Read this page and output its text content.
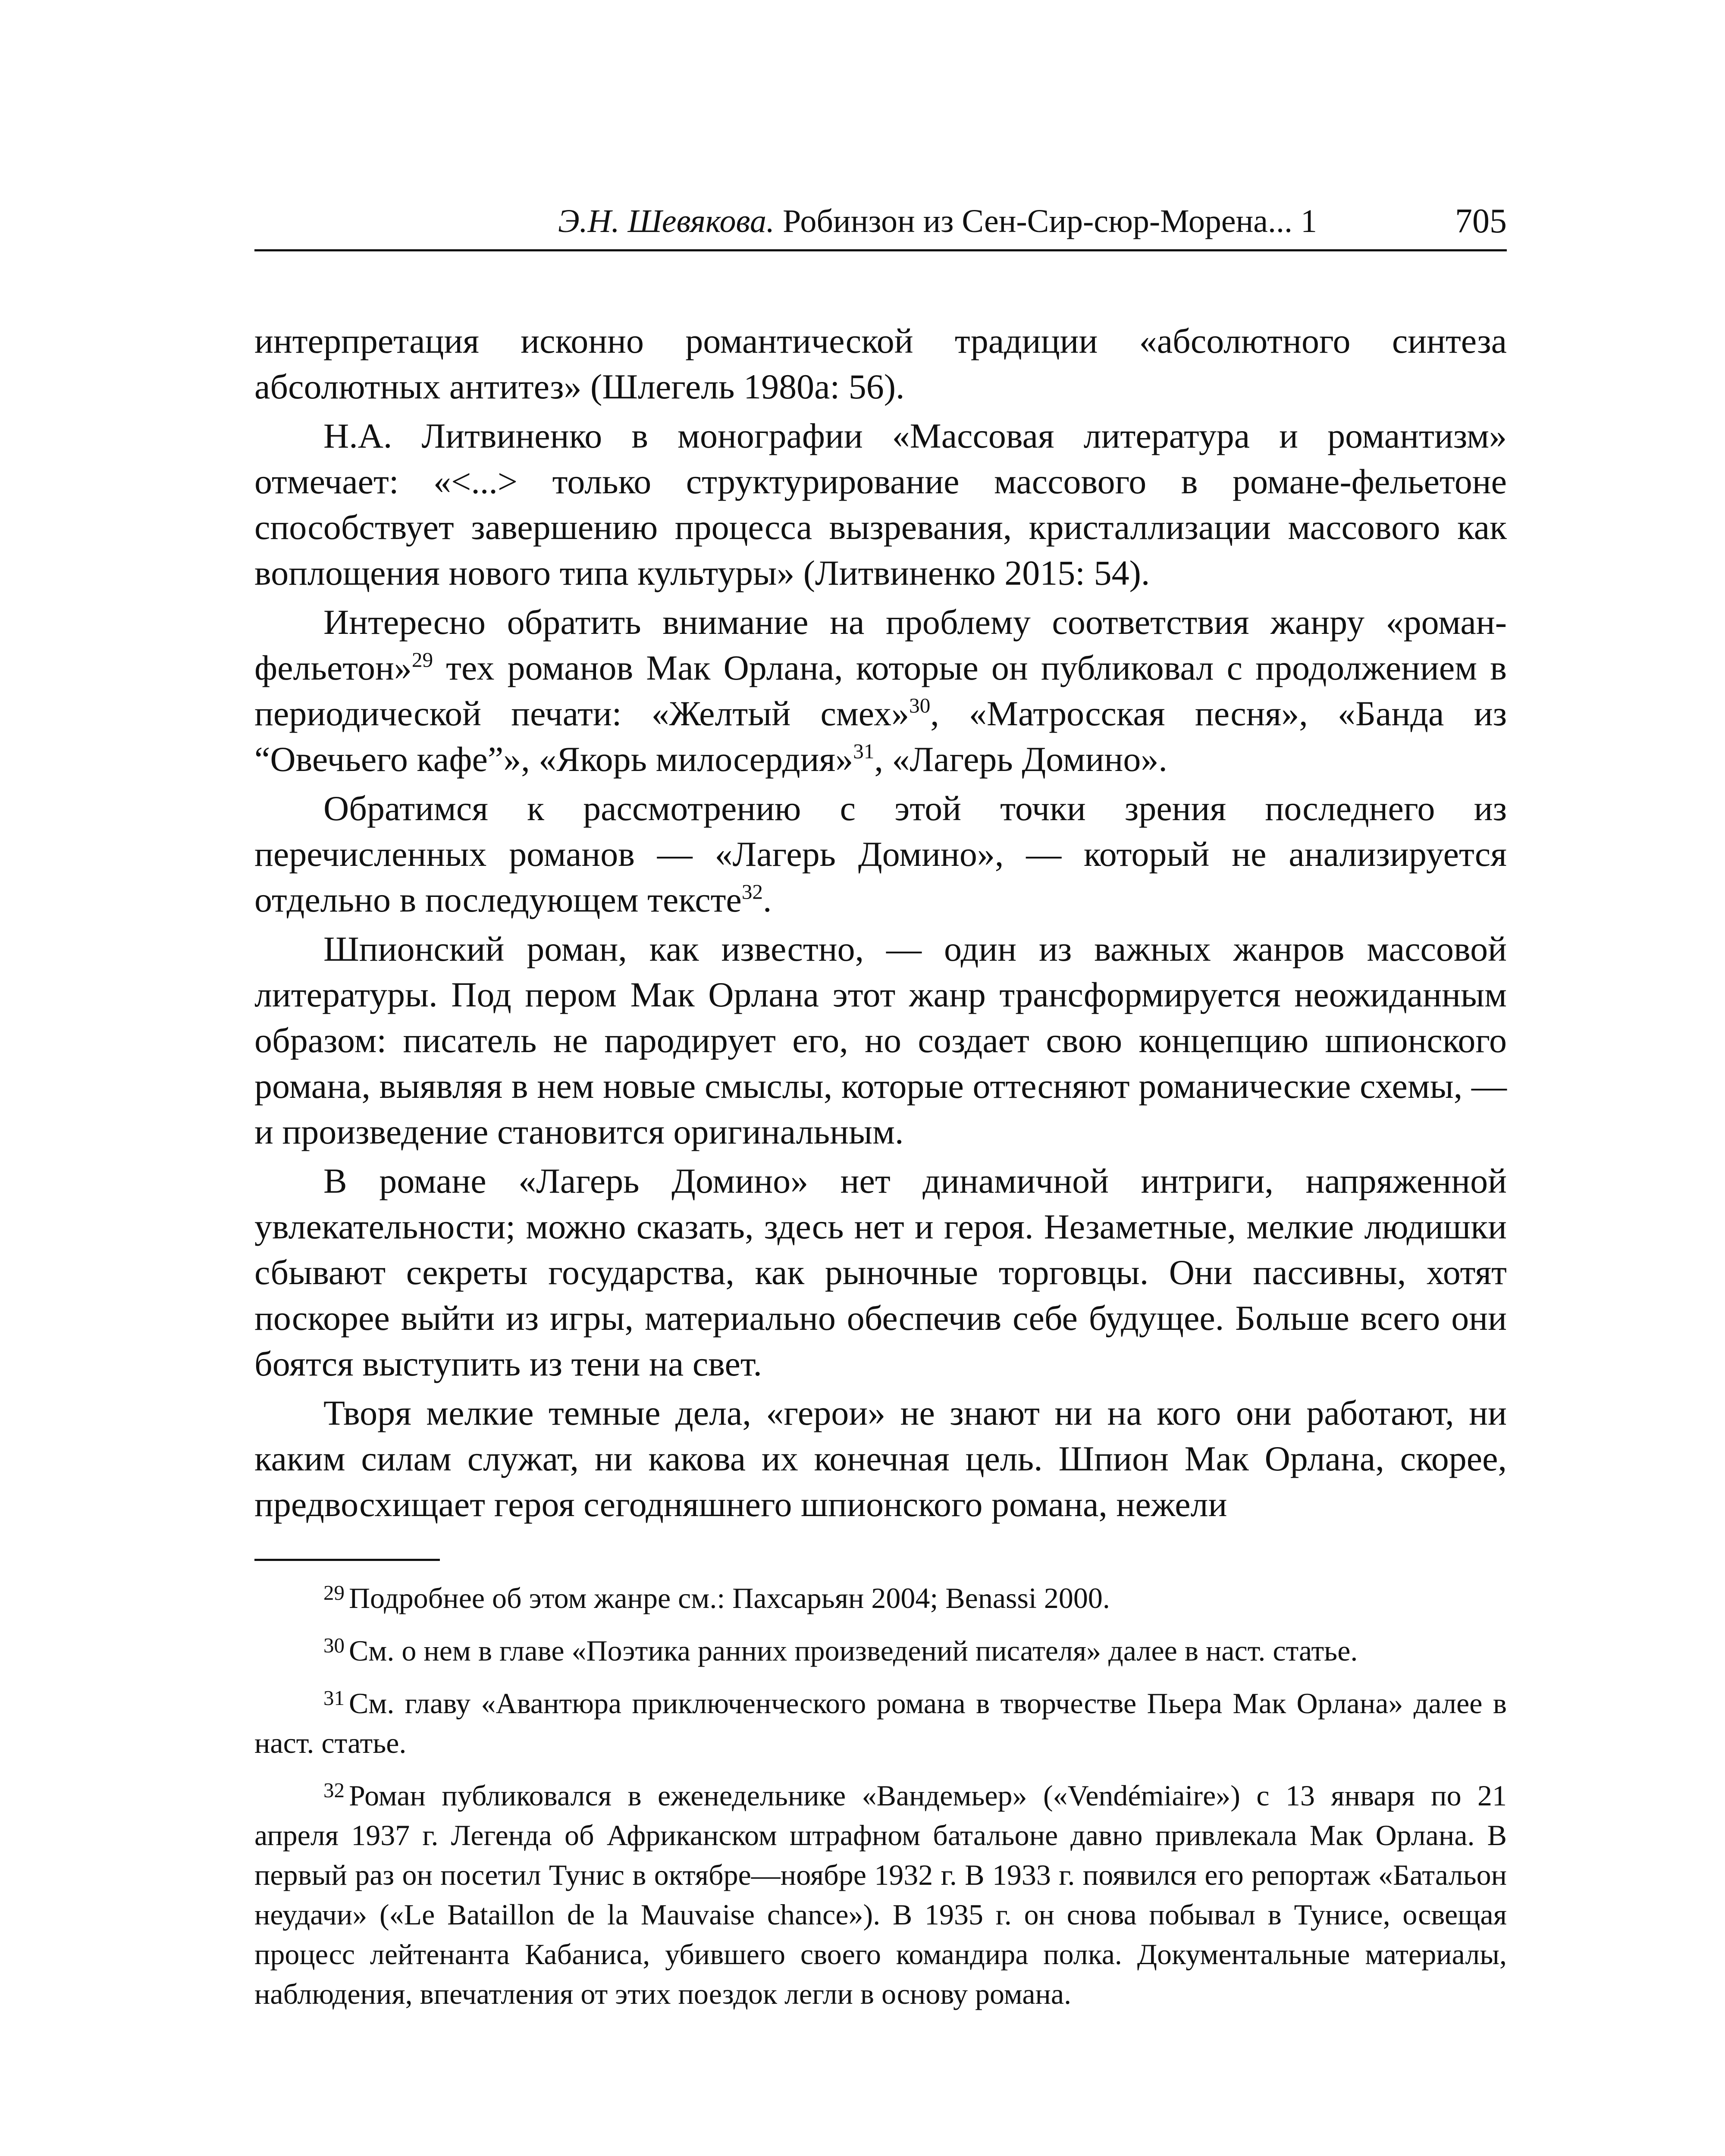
Э.Н. Шевякова. Робинзон из Сен-Сир-сюр-Морена... 1	705

интерпретация исконно романтической традиции «абсолютного синтеза абсолютных антитез» (Шлегель 1980а: 56).

Н.А. Литвиненко в монографии «Массовая литература и романтизм» отмечает: «<...> только структурирование массового в романе-фельетоне способствует завершению процесса вызревания, кристаллизации массового как воплощения нового типа культуры» (Литвиненко 2015: 54).

Интересно обратить внимание на проблему соответствия жанру «роман-фельетон»$^{29}$ тех романов Мак Орлана, которые он публиковал с продолжением в периодической печати: «Желтый смех»$^{30}$, «Матросская песня», «Банда из “Овечьего кафе”», «Якорь милосердия»$^{31}$, «Лагерь Домино».

Обратимся к рассмотрению с этой точки зрения последнего из перечисленных романов — «Лагерь Домино», — который не анализируется отдельно в последующем тексте$^{32}$.

Шпионский роман, как известно, — один из важных жанров массовой литературы. Под пером Мак Орлана этот жанр трансформируется неожиданным образом: писатель не пародирует его, но создает свою концепцию шпионского романа, выявляя в нем новые смыслы, которые оттесняют романические схемы, — и произведение становится оригинальным.

В романе «Лагерь Домино» нет динамичной интриги, напряженной увлекательности; можно сказать, здесь нет и героя. Незаметные, мелкие людишки сбывают секреты государства, как рыночные торговцы. Они пассивны, хотят поскорее выйти из игры, материально обеспечив себе будущее. Больше всего они боятся выступить из тени на свет.

Творя мелкие темные дела, «герои» не знают ни на кого они работают, ни каким силам служат, ни какова их конечная цель. Шпион Мак Орлана, скорее, предвосхищает героя сегодняшнего шпионского романа, нежели

$^{29}$ Подробнее об этом жанре см.: Пахсарьян 2004; Benassi 2000.

$^{30}$ См. о нем в главе «Поэтика ранних произведений писателя» далее в наст. статье.

$^{31}$ См. главу «Авантюра приключенческого романа в творчестве Пьера Мак Орлана» далее в наст. статье.

$^{32}$ Роман публиковался в еженедельнике «Вандемьер» («Vendémiaire») с 13 января по 21 апреля 1937 г. Легенда об Африканском штрафном батальоне давно привлекала Мак Орлана. В первый раз он посетил Тунис в октябре—ноябре 1932 г. В 1933 г. появился его репортаж «Батальон неудачи» («Le Bataillon de la Mauvaise chance»). В 1935 г. он снова побывал в Тунисе, освещая процесс лейтенанта Кабаниса, убившего своего командира полка. Документальные материалы, наблюдения, впечатления от этих поездок легли в основу романа.
